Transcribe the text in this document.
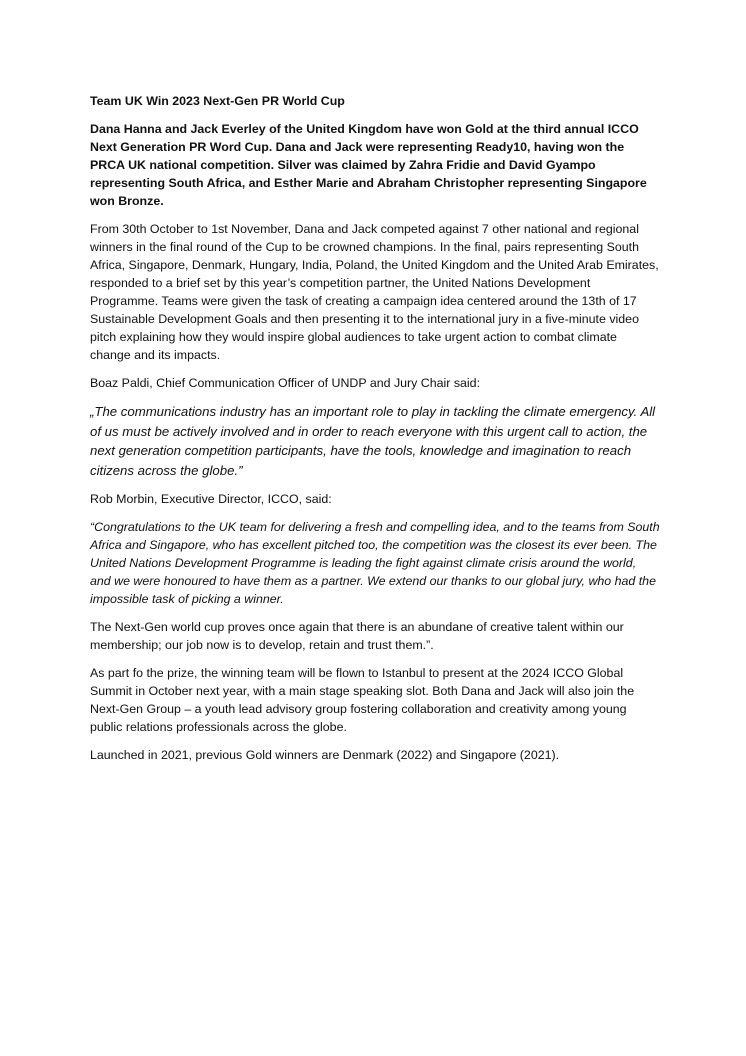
Team UK Win 2023 Next-Gen PR World Cup

Dana Hanna and Jack Everley of the United Kingdom have won Gold at the third annual ICCO Next Generation PR Word Cup. Dana and Jack were representing Ready10, having won the PRCA UK national competition. Silver was claimed by Zahra Fridie and David Gyampo representing South Africa, and Esther Marie and Abraham Christopher representing Singapore won Bronze.

From 30th October to 1st November, Dana and Jack competed against 7 other national and regional winners in the final round of the Cup to be crowned champions. In the final, pairs representing South Africa, Singapore, Denmark, Hungary, India, Poland, the United Kingdom and the United Arab Emirates, responded to a brief set by this year’s competition partner, the United Nations Development Programme. Teams were given the task of creating a campaign idea centered around the 13th of 17 Sustainable Development Goals and then presenting it to the international jury in a five-minute video pitch explaining how they would inspire global audiences to take urgent action to combat climate change and its impacts.

Boaz Paldi, Chief Communication Officer of UNDP and Jury Chair said:

„The communications industry has an important role to play in tackling the climate emergency. All of us must be actively involved and in order to reach everyone with this urgent call to action, the next generation competition participants, have the tools, knowledge and imagination to reach citizens across the globe.”

Rob Morbin, Executive Director, ICCO, said:

“Congratulations to the UK team for delivering a fresh and compelling idea, and to the teams from South Africa and Singapore, who has excellent pitched too, the competition was the closest its ever been. The United Nations Development Programme is leading the fight against climate crisis around the world, and we were honoured to have them as a partner. We extend our thanks to our global jury, who had the impossible task of picking a winner.

The Next-Gen world cup proves once again that there is an abundane of creative talent within our membership; our job now is to develop, retain and trust them.”.

As part fo the prize, the winning team will be flown to Istanbul to present at the 2024 ICCO Global Summit in October next year, with a main stage speaking slot. Both Dana and Jack will also join the Next-Gen Group – a youth lead advisory group fostering collaboration and creativity among young public relations professionals across the globe.

Launched in 2021, previous Gold winners are Denmark (2022) and Singapore (2021).
